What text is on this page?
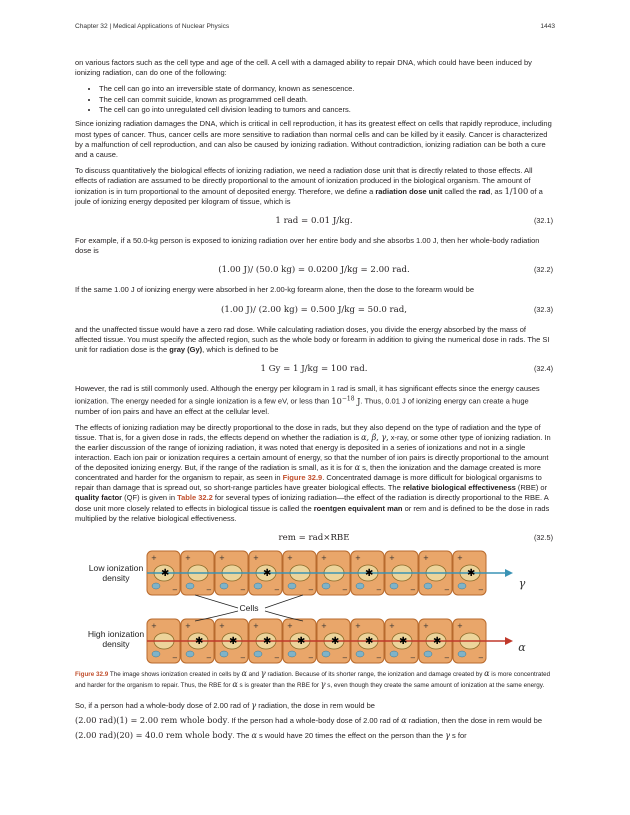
Chapter 32 | Medical Applications of Nuclear Physics	1443

on various factors such as the cell type and age of the cell. A cell with a damaged ability to repair DNA, which could have been induced by ionizing radiation, can do one of the following:

• The cell can go into an irreversible state of dormancy, known as senescence.
• The cell can commit suicide, known as programmed cell death.
• The cell can go into unregulated cell division leading to tumors and cancers.

Since ionizing radiation damages the DNA, which is critical in cell reproduction, it has its greatest effect on cells that rapidly reproduce, including most types of cancer. Thus, cancer cells are more sensitive to radiation than normal cells and can be killed by it easily. Cancer is characterized by a malfunction of cell reproduction, and can also be caused by ionizing radiation. Without contradiction, ionizing radiation can be both a cure and a cause.

To discuss quantitatively the biological effects of ionizing radiation, we need a radiation dose unit that is directly related to those effects. All effects of radiation are assumed to be directly proportional to the amount of ionization produced in the biological organism. The amount of ionization is in turn proportional to the amount of deposited energy. Therefore, we define a radiation dose unit called the rad, as 1/100 of a joule of ionizing energy deposited per kilogram of tissue, which is

1 rad = 0.01 J/kg.	(32.1)

For example, if a 50.0-kg person is exposed to ionizing radiation over her entire body and she absorbs 1.00 J, then her whole-body radiation dose is

(1.00 J)/ (50.0 kg) = 0.0200 J/kg = 2.00 rad.	(32.2)

If the same 1.00 J of ionizing energy were absorbed in her 2.00-kg forearm alone, then the dose to the forearm would be

(1.00 J)/ (2.00 kg) = 0.500 J/kg = 50.0 rad,	(32.3)

and the unaffected tissue would have a zero rad dose. While calculating radiation doses, you divide the energy absorbed by the mass of affected tissue. You must specify the affected region, such as the whole body or forearm in addition to giving the numerical dose in rads. The SI unit for radiation dose is the gray (Gy), which is defined to be

1 Gy = 1 J/kg = 100 rad.	(32.4)

However, the rad is still commonly used. Although the energy per kilogram in 1 rad is small, it has significant effects since the energy causes ionization. The energy needed for a single ionization is a few eV, or less than $10^{-18}$ J. Thus, 0.01 J of ionizing energy can create a huge number of ion pairs and have an effect at the cellular level.

The effects of ionizing radiation may be directly proportional to the dose in rads, but they also depend on the type of radiation and the type of tissue. That is, for a given dose in rads, the effects depend on whether the radiation is α, β, γ, x-ray, or some other type of ionizing radiation. In the earlier discussion of the range of ionizing radiation, it was noted that energy is deposited in a series of ionizations and not in a single interaction. Each ion pair or ionization requires a certain amount of energy, so that the number of ion pairs is directly proportional to the amount of the deposited ionizing energy. But, if the range of the radiation is small, as it is for α s, then the ionization and the damage created is more concentrated and harder for the organism to repair, as seen in Figure 32.9. Concentrated damage is more difficult for biological organisms to repair than damage that is spread out, so short-range particles have greater biological effects. The relative biological effectiveness (RBE) or quality factor (QF) is given in Table 32.2 for several types of ionizing radiation—the effect of the radiation is directly proportional to the RBE. A dose unit more closely related to effects in biological tissue is called the roentgen equivalent man or rem and is defined to be the dose in rads multiplied by the relative biological effectiveness.

rem = rad×RBE	(32.5)
Low ionization density
Cells
High ionization density
γ
α
+
−
+
−
+
−
+
−
+
−
+
−
+
−
+
−
+
−
+
−
✱	✱	✱	✱
+
−
+
−
+
−
+
−
+
−
+
−
+
−
+
−
+
−
+
−
✱	✱	✱	✱	✱	✱	✱	✱
Figure 32.9 The image shows ionization created in cells by α and γ radiation. Because of its shorter range, the ionization and damage created by α is more concentrated and harder for the organism to repair. Thus, the RBE for α s is greater than the RBE for γ s, even though they create the same amount of ionization at the same energy.

So, if a person had a whole-body dose of 2.00 rad of γ radiation, the dose in rem would be
(2.00 rad)(1) = 2.00 rem whole body. If the person had a whole-body dose of 2.00 rad of α radiation, then the dose in rem would be (2.00 rad)(20) = 40.0 rem whole body. The α s would have 20 times the effect on the person than the γ s for
